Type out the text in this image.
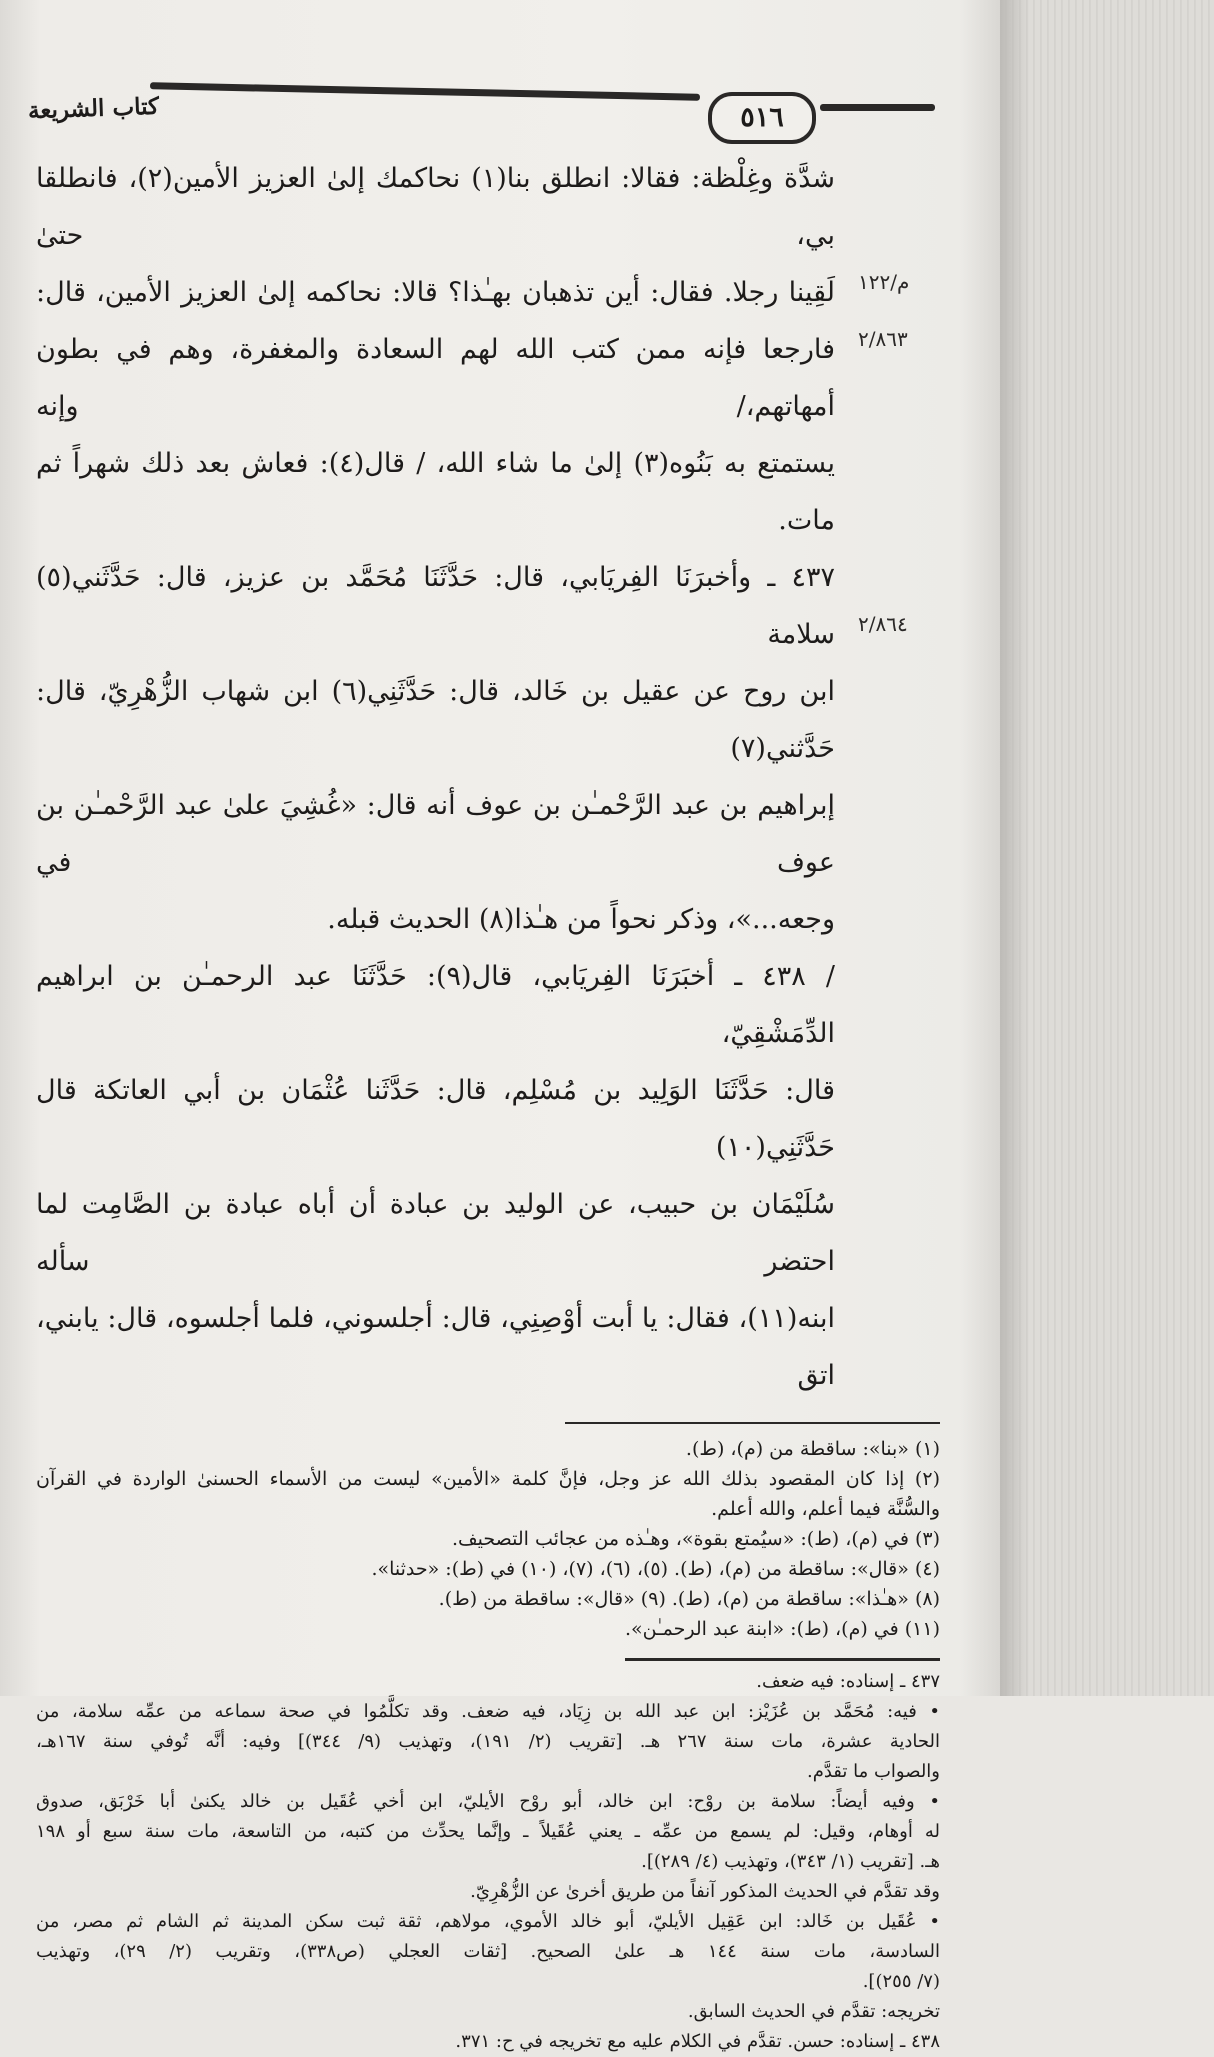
كتاب الشريعة	٥١٦
م/١٢٢
٢/٨٦٣
٢/٨٦٤
شدَّة وغِلْظة: فقالا: انطلق بنا(١) نحاكمك إلىٰ العزيز الأمين(٢)، فانطلقا بي، حتىٰ
لَقِينا رجلا. فقال: أين تذهبان بهـٰذا؟ قالا: نحاكمه إلىٰ العزيز الأمين، قال:
فارجعا فإنه ممن كتب الله لهم السعادة والمغفرة، وهم في بطون أمهاتهم،/ وإنه
يستمتع به بَنُوه(٣) إلىٰ ما شاء الله، / قال(٤): فعاش بعد ذلك شهراً ثم مات.
٤٣٧ ـ وأخبرَنَا الفِريَابي، قال: حَدَّثَنَا مُحَمَّد بن عزيز، قال: حَدَّثَني(٥) سلامة
ابن روح عن عقيل بن خَالد، قال: حَدَّثَنِي(٦) ابن شهاب الزُّهْرِيّ، قال: حَدَّثني(٧)
إبراهيم بن عبد الرَّحْمـٰن بن عوف أنه قال: «غُشِيَ علىٰ عبد الرَّحْمـٰن بن عوف في
وجعه...»، وذكر نحواً من هـٰذا(٨) الحديث قبله.
/ ٤٣٨ ـ أخبَرَنَا الفِريَابي، قال(٩): حَدَّثَنَا عبد الرحمـٰن بن ابراهيم الدِّمَشْقِيّ،
قال: حَدَّثَنَا الوَلِيد بن مُسْلِم، قال: حَدَّثَنا عُثْمَان بن أبي العاتكة قال حَدَّثَنِي(١٠)
سُلَيْمَان بن حبيب، عن الوليد بن عبادة أن أباه عبادة بن الصَّامِت لما احتضر سأله
ابنه(١١)، فقال: يا أبت أوْصِنِي، قال: أجلسوني، فلما أجلسوه، قال: يابني، اتق
(١) «بنا»: ساقطة من (م)، (ط).
(٢) إذا كان المقصود بذلك الله عز وجل، فإنَّ كلمة «الأمين» ليست من الأسماء الحسنىٰ الواردة في القرآن
والسُّنَّة فيما أعلم، والله أعلم.
(٣) في (م)، (ط): «سيُمتع بقوة»، وهـٰذه من عجائب التصحيف.
(٤) «قال»: ساقطة من (م)، (ط). (٥)، (٦)، (٧)، (١٠) في (ط): «حدثنا».
(٨) «هـٰذا»: ساقطة من (م)، (ط). (٩) «قال»: ساقطة من (ط).
(١١) في (م)، (ط): «ابنة عبد الرحمـٰن».
٤٣٧ ـ إسناده: فيه ضعف.
• فيه: مُحَمَّد بن عُزَيْز: ابن عبد الله بن زِيَاد، فيه ضعف. وقد تكلَّمُوا في صحة سماعه من عمِّه سلامة، من
الحادية عشرة، مات سنة ٢٦٧ هـ. [تقريب (٢/ ١٩١)، وتهذيب (٩/ ٣٤٤)] وفيه: أنَّه تُوفي سنة ١٦٧هـ،
والصواب ما تقدَّم.
• وفيه أيضاً: سلامة بن روْح: ابن خالد، أبو روْح الأيليّ، ابن أخي عُقَيل بن خالد يكنىٰ أبا خَرْبَق، صدوق
له أوهام، وقيل: لم يسمع من عمِّه ـ يعني عُقَيلاً ـ وإنَّما يحدِّث من كتبه، من التاسعة، مات سنة سبع أو ١٩٨
هـ. [تقريب (١/ ٣٤٣)، وتهذيب (٤/ ٢٨٩)].
وقد تقدَّم في الحديث المذكور آنفاً من طريق أخرىٰ عن الزُّهْرِيّ.
• عُقَيل بن خَالد: ابن عَقِيل الأيليّ، أبو خالد الأموي، مولاهم، ثقة ثبت سكن المدينة ثم الشام ثم مصر، من
السادسة، مات سنة ١٤٤ هـ علىٰ الصحيح. [ثقات العجلي (ص٣٣٨)، وتقريب (٢/ ٢٩)، وتهذيب
(٧/ ٢٥٥)].
تخريجه: تقدَّم في الحديث السابق.
٤٣٨ ـ إسناده: حسن. تقدَّم في الكلام عليه مع تخريجه في ح: ٣٧١.
